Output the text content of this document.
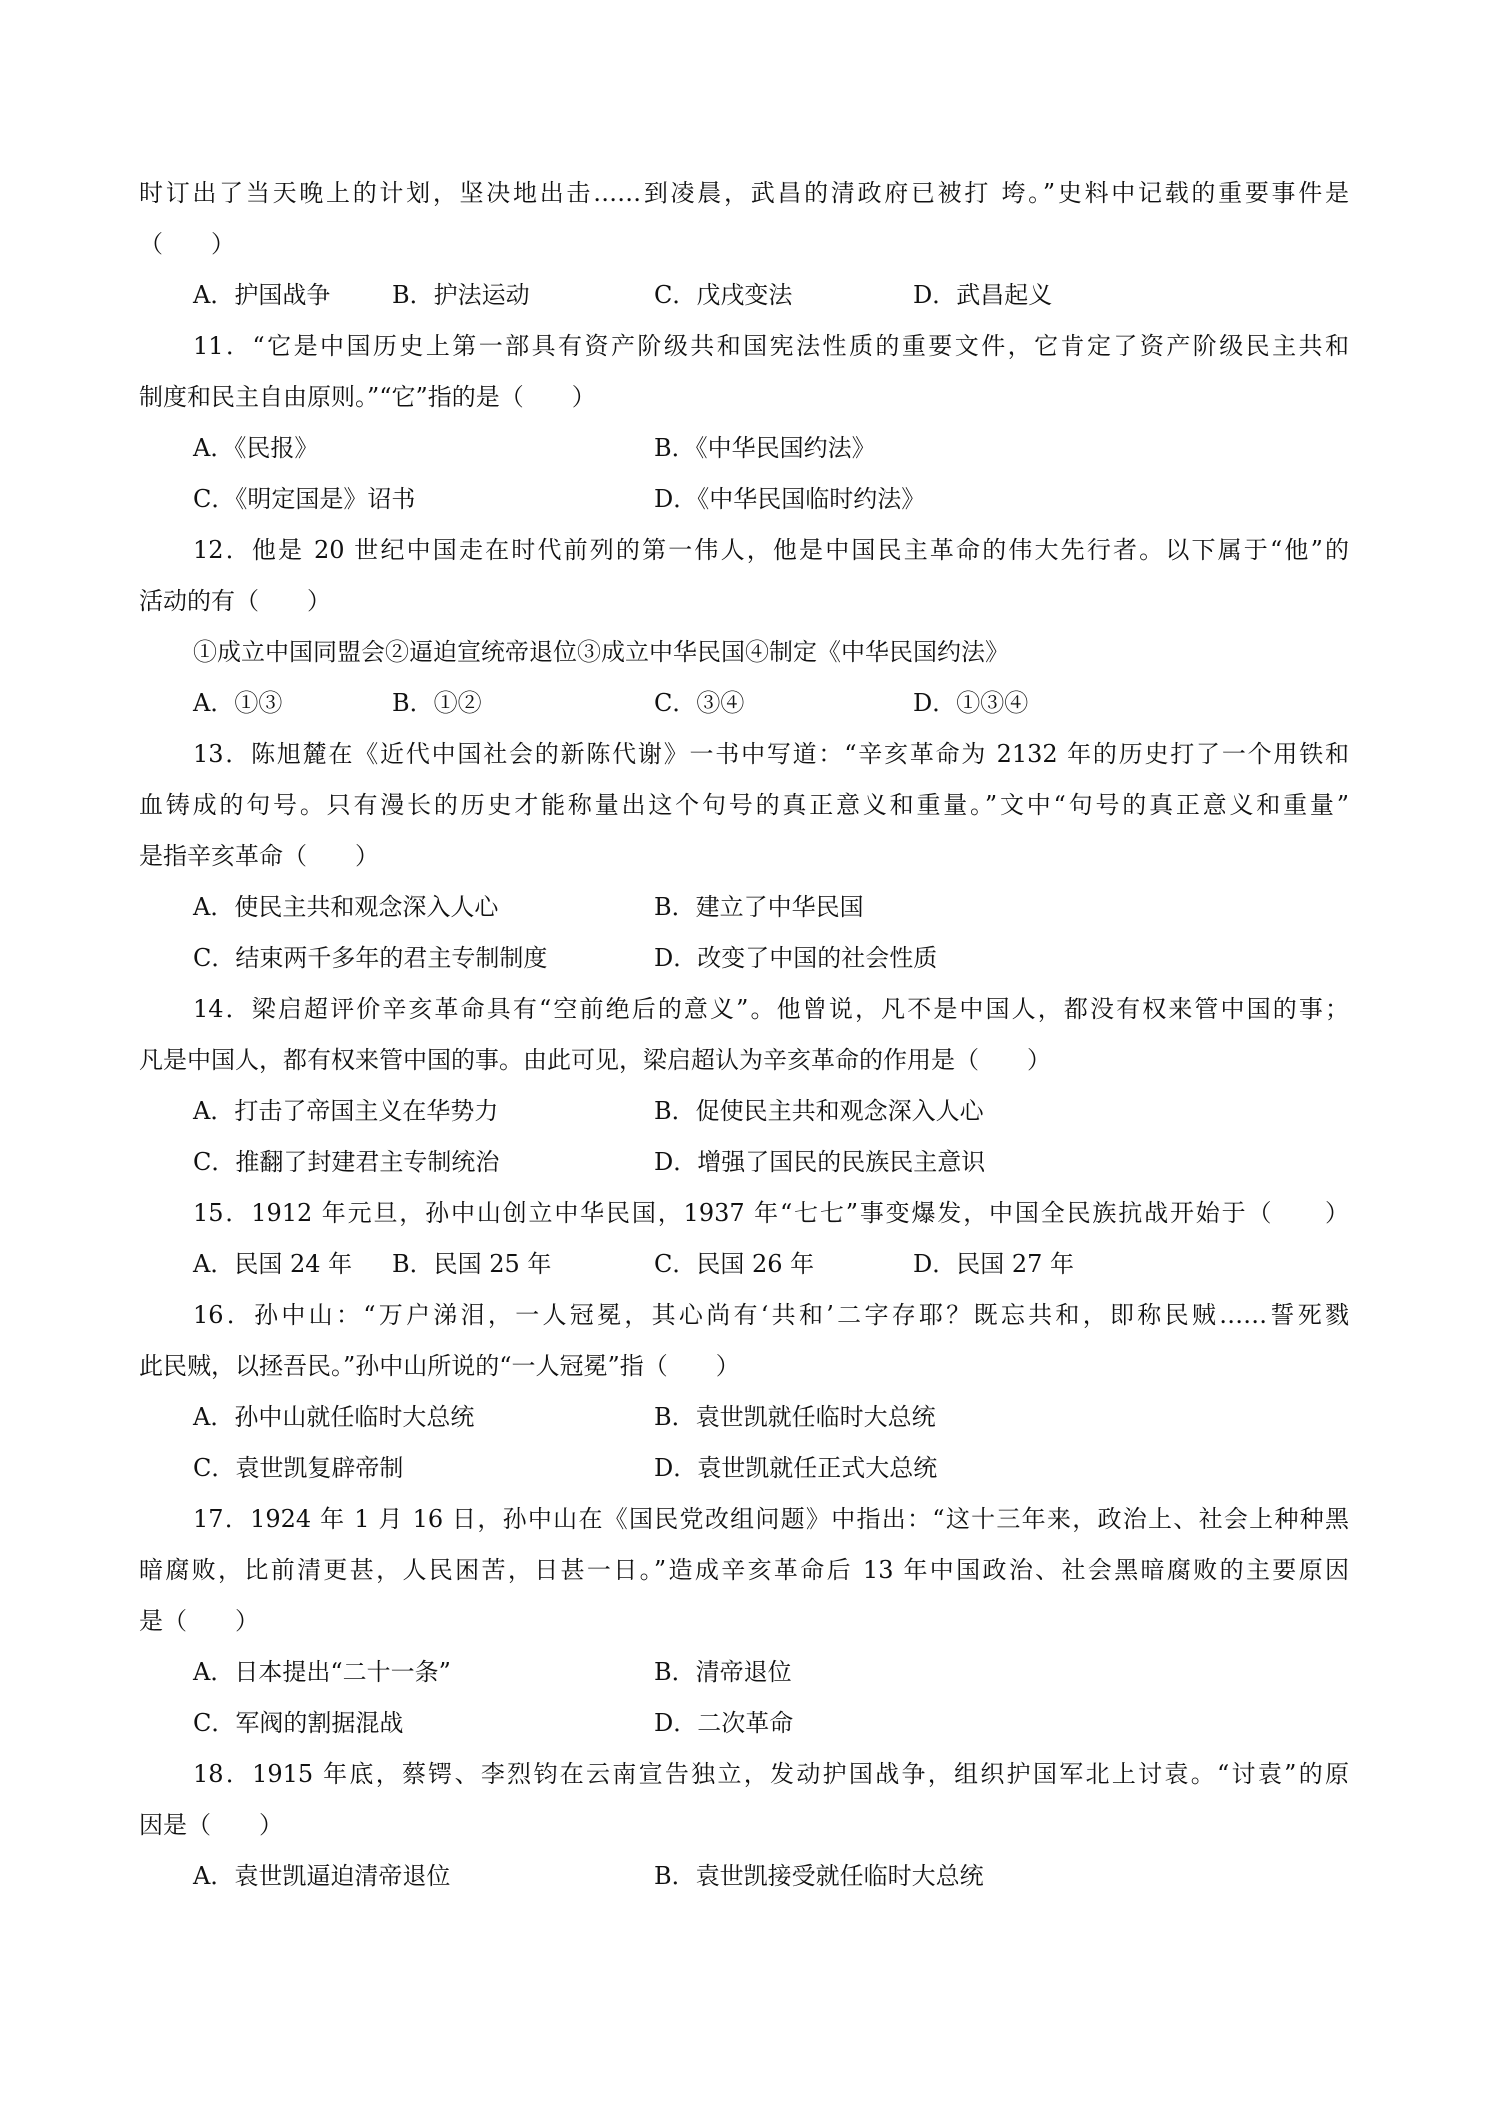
时订出了当天晚上的计划，坚决地出击……到凌晨，武昌的清政府已被打 垮。”史料中记载的重要事件是
（　　）
A．护国战争	B．护法运动	C．戊戌变法	D．武昌起义
11．“它是中国历史上第一部具有资产阶级共和国宪法性质的重要文件，它肯定了资产阶级民主共和
制度和民主自由原则。”“它”指的是（　　）
A．《民报》	B．《中华民国约法》
C．《明定国是》诏书	D．《中华民国临时约法》
12．他是 20 世纪中国走在时代前列的第一伟人，他是中国民主革命的伟大先行者。以下属于“他”的
活动的有（　　）
①成立中国同盟会②逼迫宣统帝退位③成立中华民国④制定《中华民国约法》
A．①③	B．①②	C．③④	D．①③④
13．陈旭麓在《近代中国社会的新陈代谢》一书中写道：“辛亥革命为 2132 年的历史打了一个用铁和
血铸成的句号。只有漫长的历史才能称量出这个句号的真正意义和重量。”文中“句号的真正意义和重量”
是指辛亥革命（　　）
A．使民主共和观念深入人心	B．建立了中华民国
C．结束两千多年的君主专制制度	D．改变了中国的社会性质
14．梁启超评价辛亥革命具有“空前绝后的意义”。他曾说，凡不是中国人，都没有权来管中国的事；
凡是中国人，都有权来管中国的事。由此可见，梁启超认为辛亥革命的作用是（　　）
A．打击了帝国主义在华势力	B．促使民主共和观念深入人心
C．推翻了封建君主专制统治	D．增强了国民的民族民主意识
15．1912 年元旦，孙中山创立中华民国，1937 年“七七”事变爆发，中国全民族抗战开始于（　　）
A．民国 24 年 B．民国 25 年	C．民国 26 年	D．民国 27 年
16．孙中山：“万户涕泪，一人冠冕，其心尚有‘共和’二字存耶？既忘共和，即称民贼……誓死戮
此民贼，以拯吾民。”孙中山所说的“一人冠冕”指（　　）
A．孙中山就任临时大总统	B．袁世凯就任临时大总统
C．袁世凯复辟帝制	D．袁世凯就任正式大总统
17．1924 年 1 月 16 日，孙中山在《国民党改组问题》中指出：“这十三年来，政治上、社会上种种黑
暗腐败，比前清更甚，人民困苦，日甚一日。”造成辛亥革命后 13 年中国政治、社会黑暗腐败的主要原因
是（　　）
A．日本提出“二十一条”	B．清帝退位
C．军阀的割据混战	D．二次革命
18．1915 年底，蔡锷、李烈钧在云南宣告独立，发动护国战争，组织护国军北上讨袁。“讨袁”的原
因是（　　）
A．袁世凯逼迫清帝退位	B．袁世凯接受就任临时大总统
